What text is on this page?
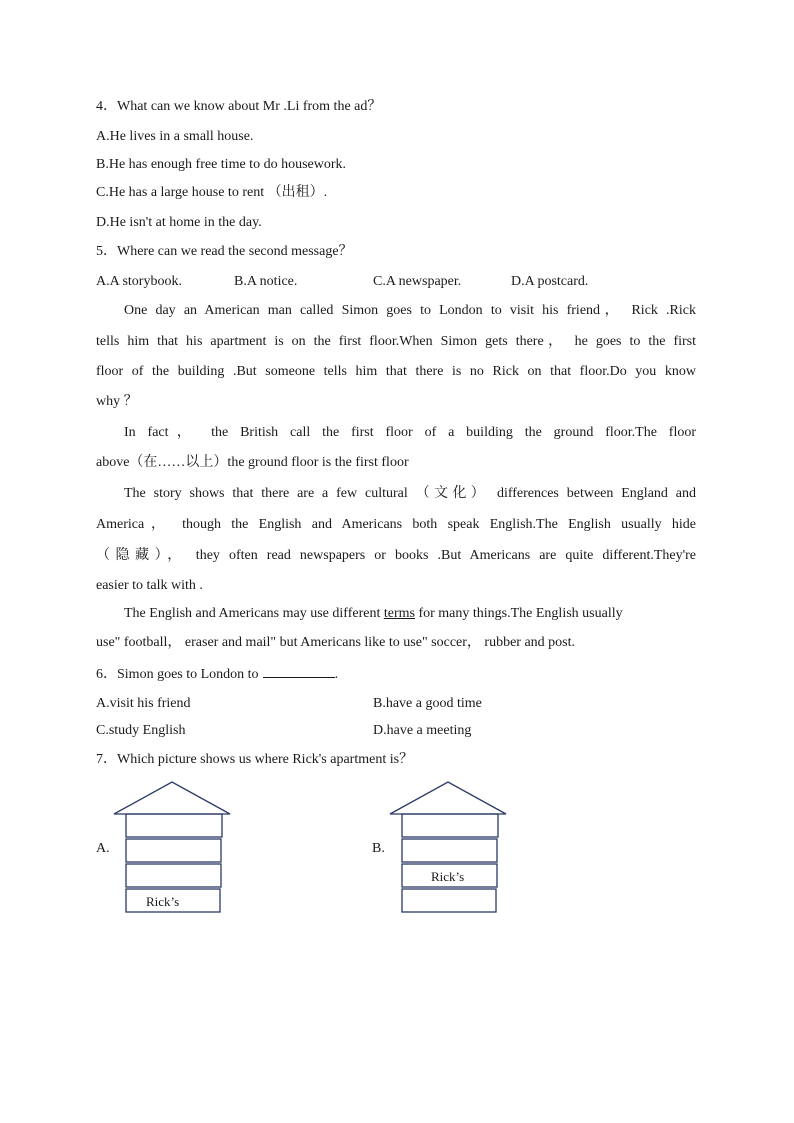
4．What can we know about Mr .Li from the ad？
A.He lives in a small house.
B.He has enough free time to do housework.
C.He has a large house to rent （出租）.
D.He isn't at home in the day.
5．Where can we read the second message？
A.A storybook.	B.A notice.	C.A newspaper.	D.A postcard.
One day an American man called Simon goes to London to visit his friend， Rick .Rick
tells him that his apartment is on the first floor.When Simon gets there， he goes to the first
floor of the building .But someone tells him that there is no Rick on that floor.Do you know
why ？
In fact， the British call the first floor of a building the ground floor.The floor
above（在……以上）the ground floor is the first floor
The story shows that there are a few cultural （文化） differences between England and
America， though the English and Americans both speak English.The English usually hide
（隐藏）， they often read newspapers or books .But Americans are quite different.They're
easier to talk with .
The English and Americans may use different terms for many things.The English usually
use" football， eraser and mail" but Americans like to use" soccer， rubber and post.
6．Simon goes to London to	.
A.visit his friend	B.have a good time
C.study English	D.have a meeting
7．Which picture shows us where Rick's apartment is？
A.	B.
Rick’s
Rick’s
